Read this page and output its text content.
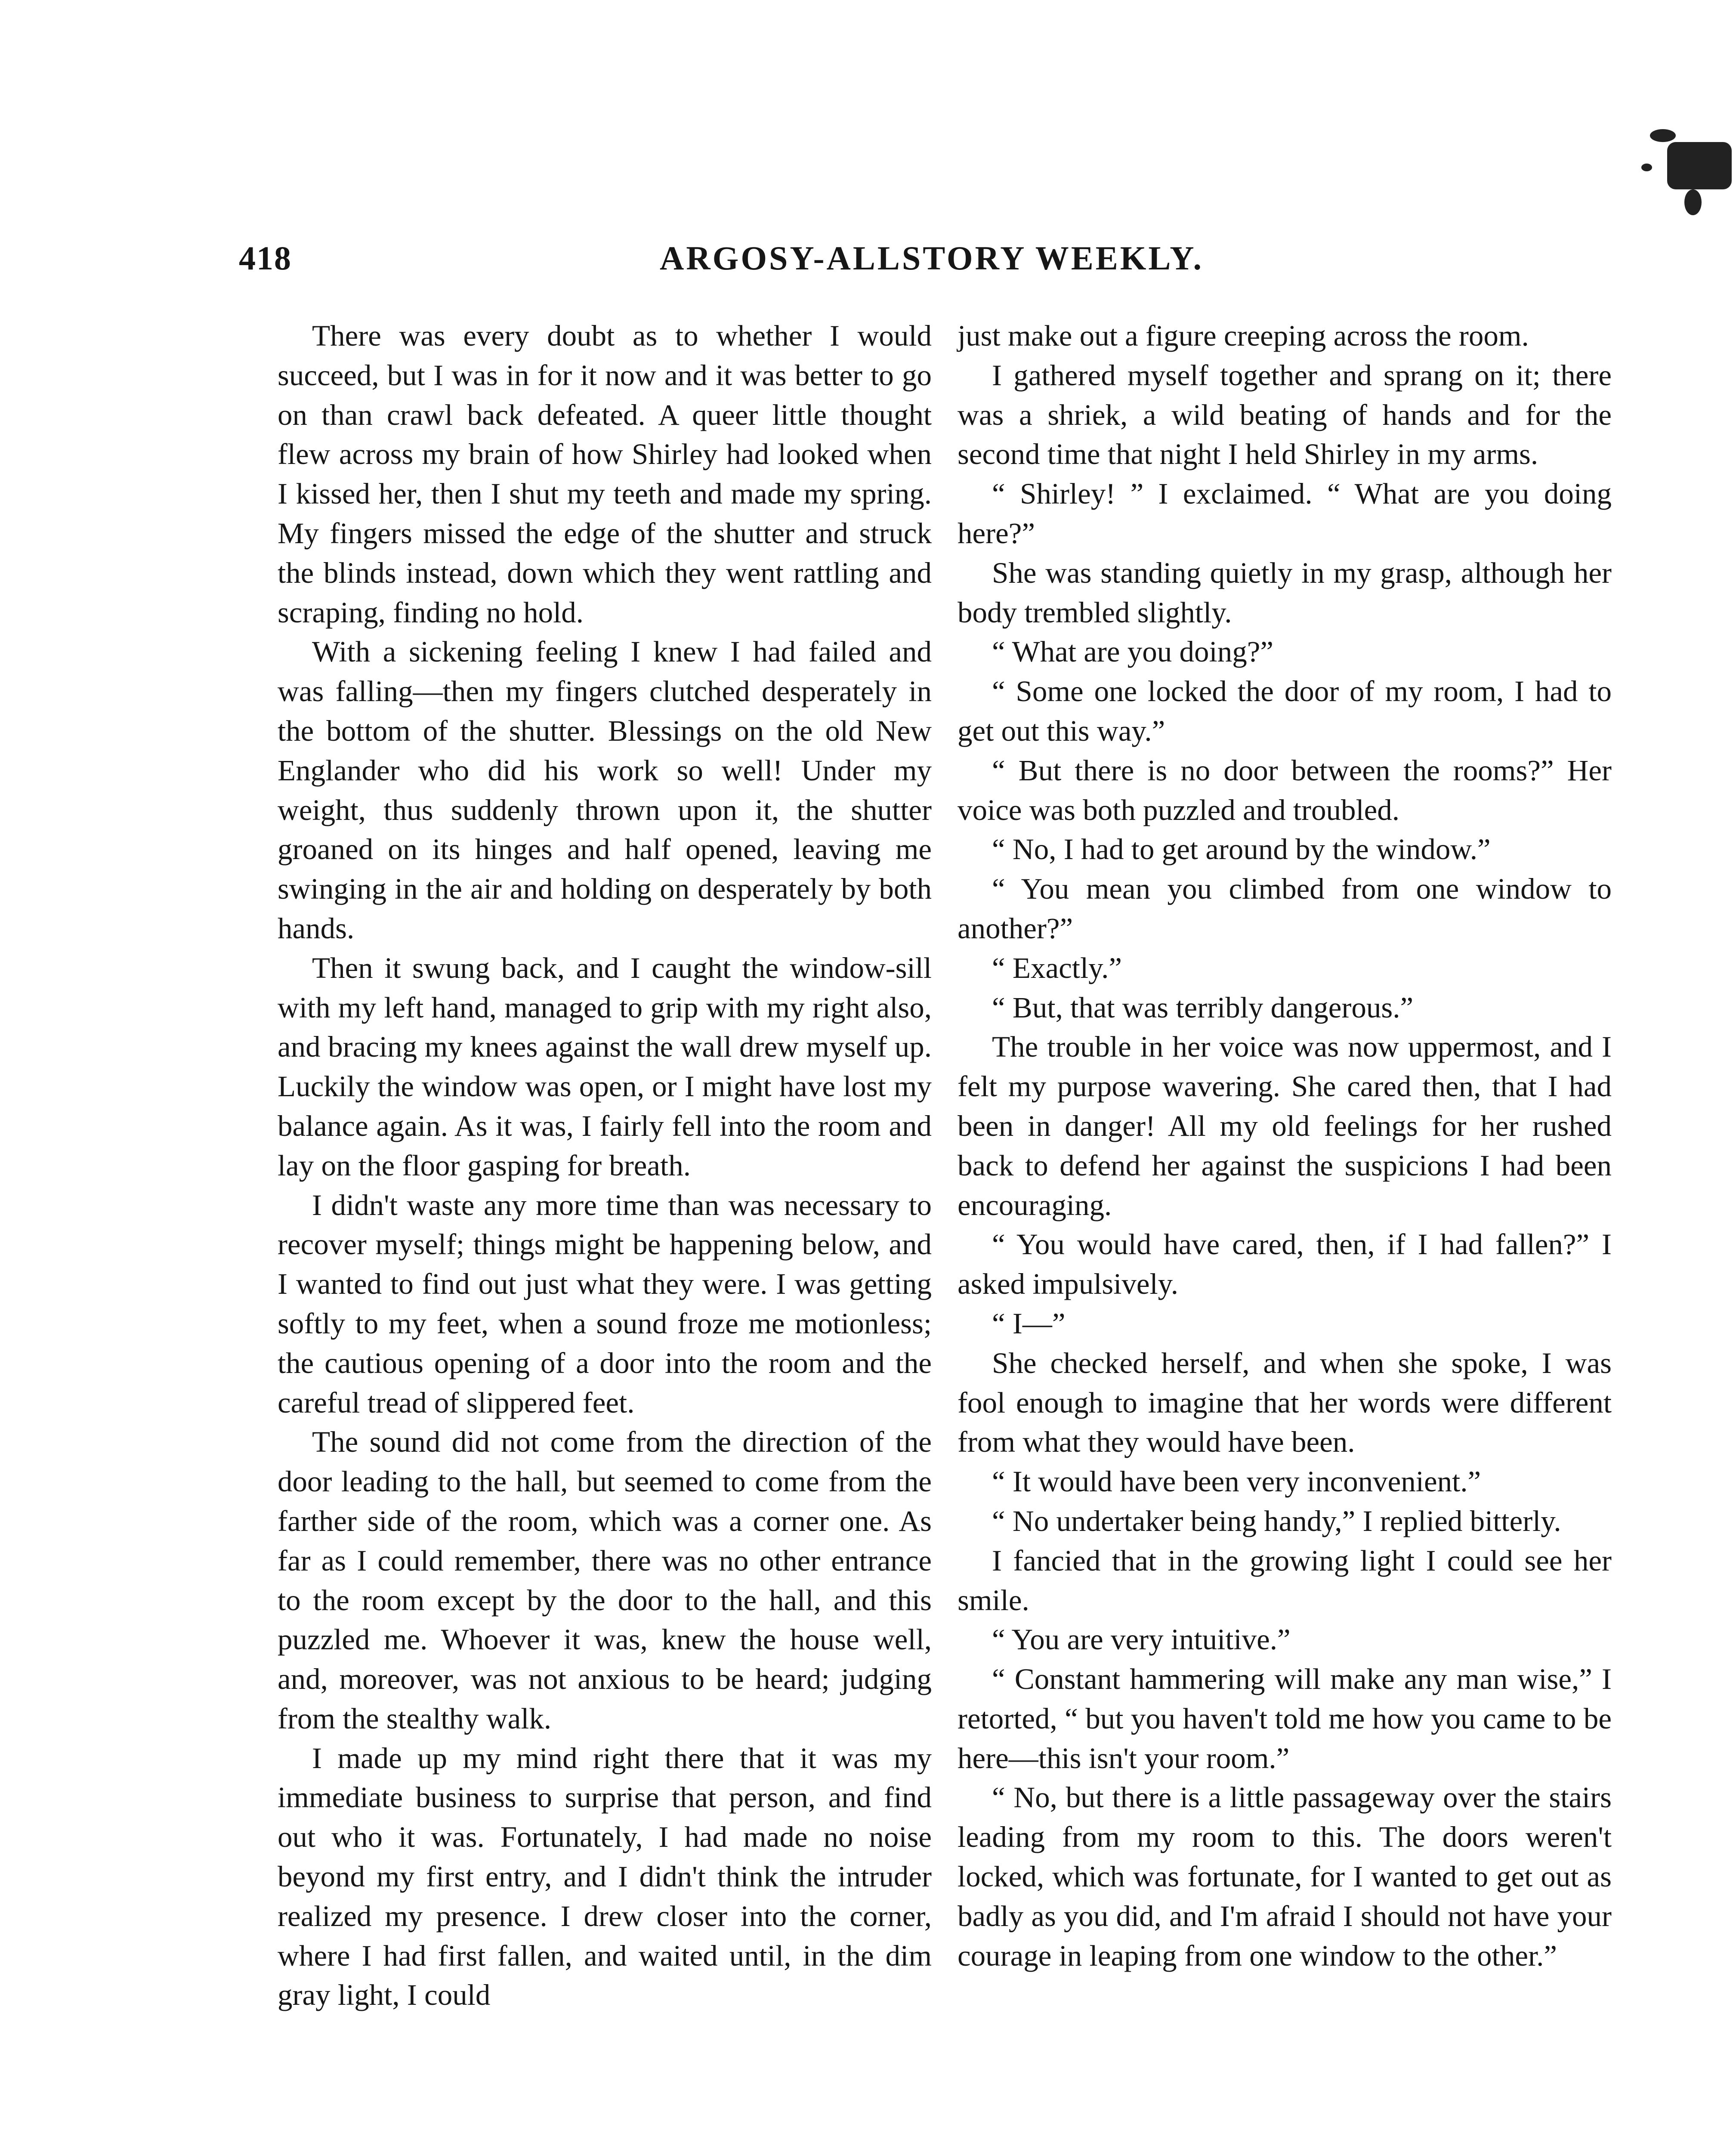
418	ARGOSY-ALLSTORY WEEKLY.

There was every doubt as to whether I would succeed, but I was in for it now and it was better to go on than crawl back defeated. A queer little thought flew across my brain of how Shirley had looked when I kissed her, then I shut my teeth and made my spring. My fingers missed the edge of the shutter and struck the blinds instead, down which they went rattling and scraping, finding no hold.

With a sickening feeling I knew I had failed and was falling—then my fingers clutched desperately in the bottom of the shutter. Blessings on the old New Englander who did his work so well! Under my weight, thus suddenly thrown upon it, the shutter groaned on its hinges and half opened, leaving me swinging in the air and holding on desperately by both hands.

Then it swung back, and I caught the window-sill with my left hand, managed to grip with my right also, and bracing my knees against the wall drew myself up. Luckily the window was open, or I might have lost my balance again. As it was, I fairly fell into the room and lay on the floor gasping for breath.

I didn't waste any more time than was necessary to recover myself; things might be happening below, and I wanted to find out just what they were. I was getting softly to my feet, when a sound froze me motionless; the cautious opening of a door into the room and the careful tread of slippered feet.

The sound did not come from the direction of the door leading to the hall, but seemed to come from the farther side of the room, which was a corner one. As far as I could remember, there was no other entrance to the room except by the door to the hall, and this puzzled me. Whoever it was, knew the house well, and, moreover, was not anxious to be heard; judging from the stealthy walk.

I made up my mind right there that it was my immediate business to surprise that person, and find out who it was. Fortunately, I had made no noise beyond my first entry, and I didn't think the intruder realized my presence. I drew closer into the corner, where I had first fallen, and waited until, in the dim gray light, I could

just make out a figure creeping across the room.

I gathered myself together and sprang on it; there was a shriek, a wild beating of hands and for the second time that night I held Shirley in my arms.

“ Shirley! ” I exclaimed. “ What are you doing here?”

She was standing quietly in my grasp, although her body trembled slightly.

“ What are you doing?”

“ Some one locked the door of my room, I had to get out this way.”

“ But there is no door between the rooms?” Her voice was both puzzled and troubled.

“ No, I had to get around by the window.”

“ You mean you climbed from one window to another?”

“ Exactly.”

“ But, that was terribly dangerous.”

The trouble in her voice was now uppermost, and I felt my purpose wavering. She cared then, that I had been in danger! All my old feelings for her rushed back to defend her against the suspicions I had been encouraging.

“ You would have cared, then, if I had fallen?” I asked impulsively.

“ I—”

She checked herself, and when she spoke, I was fool enough to imagine that her words were different from what they would have been.

“ It would have been very inconvenient.”

“ No undertaker being handy,” I replied bitterly.

I fancied that in the growing light I could see her smile.

“ You are very intuitive.”

“ Constant hammering will make any man wise,” I retorted, “ but you haven't told me how you came to be here—this isn't your room.”

“ No, but there is a little passageway over the stairs leading from my room to this. The doors weren't locked, which was fortunate, for I wanted to get out as badly as you did, and I'm afraid I should not have your courage in leaping from one window to the other.”
